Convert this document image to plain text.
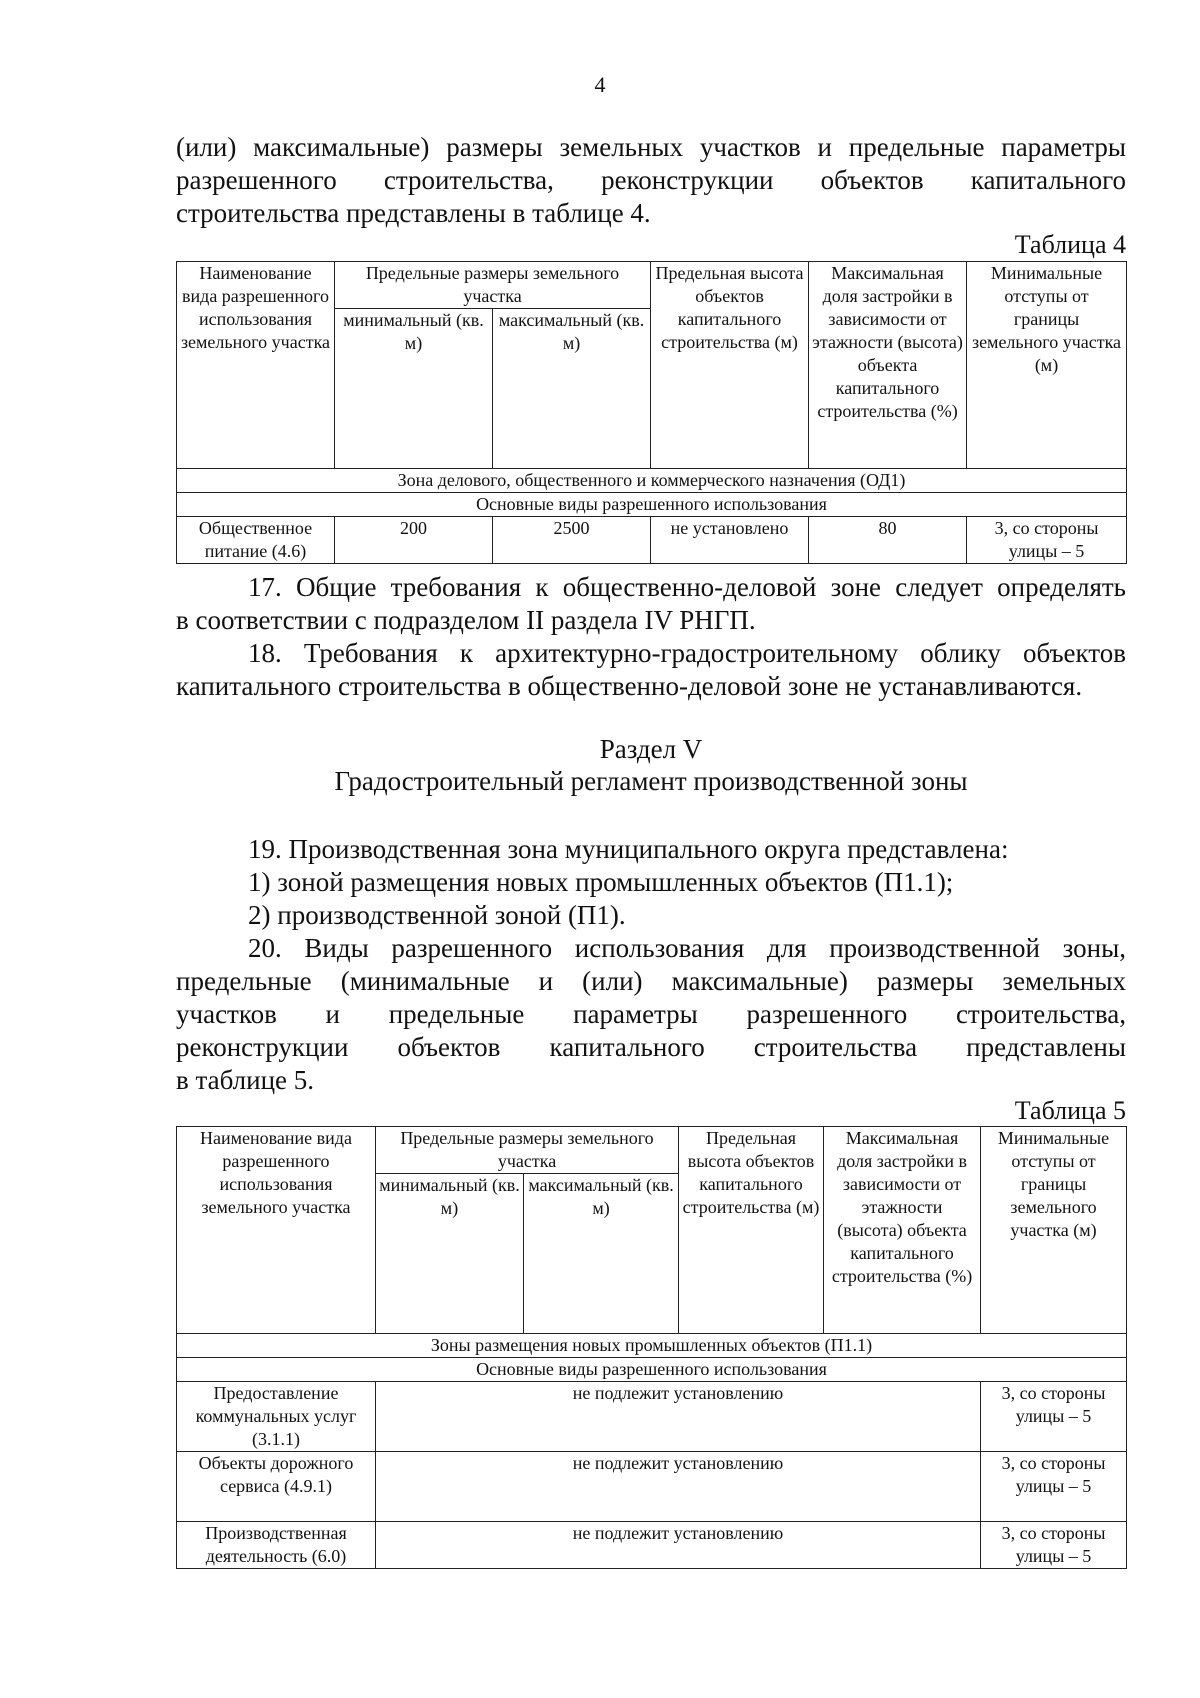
4

(или) максимальные) размеры земельных участков и предельные параметры

разрешенного строительства, реконструкции объектов капитального

строительства представлены в таблице 4.

Таблица 4
Наименование вида разрешенного использования земельного участка	Предельные размеры земельного участка		Предельная высота объектов капитального строительства (м)	Максимальная доля застройки в зависимости от этажности (высота) объекта капитального строительства (%)	Минимальные отступы от границы земельного участка (м)
	минимальный (кв. м)	максимальный (кв. м)			
Зона делового, общественного и коммерческого назначения (ОД1)					
Основные виды разрешенного использования					
Общественное питание (4.6)	200	2500	не установлено	80	3, со стороны улицы – 5

17. Общие требования к общественно-деловой зоне следует определять

в соответствии с подразделом II раздела IV РНГП.

18. Требования к архитектурно-градостроительному облику объектов

капитального строительства в общественно-деловой зоне не устанавливаются.

Раздел V
Градостроительный регламент производственной зоны

19. Производственная зона муниципального округа представлена:

1) зоной размещения новых промышленных объектов (П1.1);

2) производственной зоной (П1).

20. Виды разрешенного использования для производственной зоны,

предельные (минимальные и (или) максимальные) размеры земельных

участков и предельные параметры разрешенного строительства,

реконструкции объектов капитального строительства представлены

в таблице 5.

Таблица 5
Наименование вида разрешенного использования земельного участка	Предельные размеры земельного участка		Предельная высота объектов капитального строительства (м)	Максимальная доля застройки в зависимости от этажности (высота) объекта капитального строительства (%)	Минимальные отступы от границы земельного участка (м)
	минимальный (кв. м)	максимальный (кв. м)			
Зоны размещения новых промышленных объектов (П1.1)					
Основные виды разрешенного использования					
Предоставление коммунальных услуг (3.1.1)	не подлежит установлению				3, со стороны улицы – 5
Объекты дорожного сервиса (4.9.1)	не подлежит установлению				3, со стороны улицы – 5
Производственная деятельность (6.0)	не подлежит установлению				3, со стороны улицы – 5
